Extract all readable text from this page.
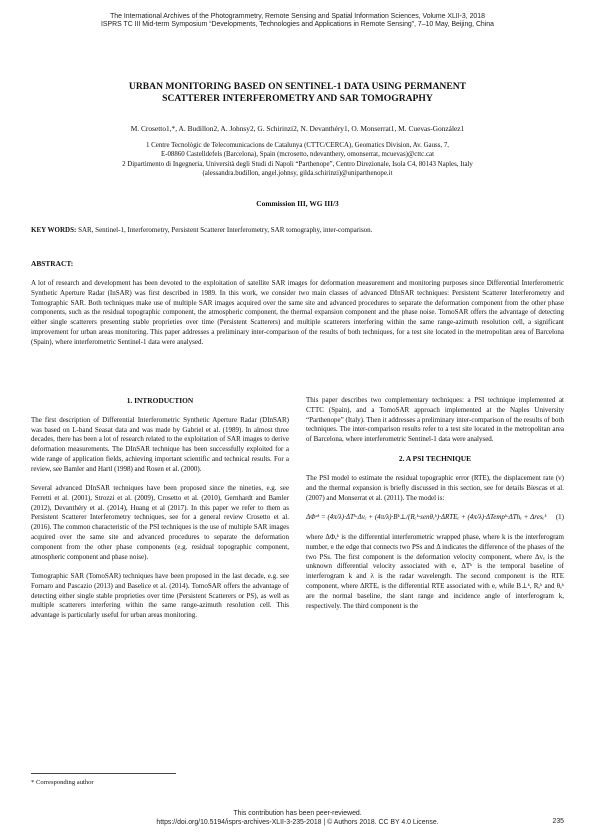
The International Archives of the Photogrammetry, Remote Sensing and Spatial Information Sciences, Volume XLII-3, 2018
ISPRS TC III Mid-term Symposium “Developments, Technologies and Applications in Remote Sensing”, 7–10 May, Beijing, China
URBAN MONITORING BASED ON SENTINEL-1 DATA USING PERMANENT
SCATTERER INTERFEROMETRY AND SAR TOMOGRAPHY
M. Crosetto1,*, A. Budillon2, A. Johnsy2, G. Schirinzi2, N. Devanthéry1, O. Monserrat1, M. Cuevas-González1
1 Centre Tecnològic de Telecomunicacions de Catalunya (CTTC/CERCA), Geomatics Division, Av. Gauss, 7,
E-08860 Castelldefels (Barcelona), Spain (mcrosetto, ndevanthery, omonserrat, mcuevas)@cttc.cat
2 Dipartimento di Ingegneria, Università degli Studi di Napoli “Parthenope”, Centro Direzionale, Isola C4, 80143 Naples, Italy
(alessandra.budillon, angel.johnsy, gilda.schirinzi)@uniparthenope.it
Commission III, WG III/3
KEY WORDS: SAR, Sentinel-1, Interferometry, Persistent Scatterer Interferometry, SAR tomography, inter-comparison.
ABSTRACT:
A lot of research and development has been devoted to the exploitation of satellite SAR images for deformation measurement and monitoring purposes since Differential Interferometric Synthetic Aperture Radar (InSAR) was first described in 1989. In this work, we consider two main classes of advanced DInSAR techniques: Persistent Scatterer Interferometry and Tomographic SAR. Both techniques make use of multiple SAR images acquired over the same site and advanced procedures to separate the deformation component from the other phase components, such as the residual topographic component, the atmospheric component, the thermal expansion component and the phase noise. TomoSAR offers the advantage of detecting either single scatterers presenting stable proprieties over time (Persistent Scatterers) and multiple scatterers interfering within the same range-azimuth resolution cell, a significant improvement for urban areas monitoring. This paper addresses a preliminary inter-comparison of the results of both techniques, for a test site located in the metropolitan area of Barcelona (Spain), where interferometric Sentinel-1 data were analysed.
1. INTRODUCTION

The first description of Differential Interferometric Synthetic Aperture Radar (DInSAR) was based on L-band Seasat data and was made by Gabriel et al. (1989). In almost three decades, there has been a lot of research related to the exploitation of SAR images to derive deformation measurements. The DInSAR technique has been successfully exploited for a wide range of application fields, achieving important scientific and technical results. For a review, see Bamler and Hartl (1998) and Rosen et al. (2000).

Several advanced DInSAR techniques have been proposed since the nineties, e.g. see Ferretti et al. (2001), Strozzi et al. (2009), Crosetto et al. (2010), Gernhardt and Bamler (2012), Devanthéry et al. (2014), Huang et al (2017). In this paper we refer to them as Persistent Scatterer Interferometry techniques, see for a general review Crosetto et al. (2016). The common characteristic of the PSI techniques is the use of multiple SAR images acquired over the same site and advanced procedures to separate the deformation component from the other phase components (e.g. residual topographic component, atmospheric component and phase noise).

Tomographic SAR (TomoSAR) techniques have been proposed in the last decade, e.g. see Fornaro and Pascazio (2013) and Baselice et al. (2014). TomoSAR offers the advantage of detecting either single stable proprieties over time (Persistent Scatterers or PS), as well as multiple scatterers interfering within the same range-azimuth resolution cell. This advantage is particularly useful for urban areas monitoring.

This paper describes two complementary techniques: a PSI technique implemented at CTTC (Spain), and a TomoSAR approach implemented at the Naples University “Parthenope” (Italy). Then it addresses a preliminary inter-comparison of the results of both techniques. The inter-comparison results refer to a test site located in the metropolitan area of Barcelona, where interferometric Sentinel-1 data were analysed.

2. A PSI TECHNIQUE

The PSI model to estimate the residual topographic error (RTE), the displacement rate (v) and the thermal expansion is briefly discussed in this section, see for details Biescas et al. (2007) and Monserrat et al. (2011). The model is:

ΔΦᵉᵏ = (4π/λ)·ΔTᵏ·Δvₑ + (4π/λ)·Bᵏ⊥/(Rₑᵏ·senθₑᵏ)·ΔRTEₑ + (4π/λ)·ΔTempᵏ·ΔThₑ + Δresₑᵏ (1)

where ΔΦₑᵏ is the differential interferometric wrapped phase, where k is the interferogram number, e the edge that connects two PSs and Δ indicates the difference of the phases of the two PSs. The first component is the deformation velocity component, where Δvₑ is the unknown differential velocity associated with e, ΔTᵏ is the temporal baseline of interferogram k and λ is the radar wavelength. The second component is the RTE component, where ΔRTEₑ is the differential RTE associated with e, while B⊥ᵏ, Rₑᵏ and θₑᵏ are the normal baseline, the slant range and incidence angle of interferogram k, respectively. The third component is the

* Corresponding author
This contribution has been peer-reviewed.
https://doi.org/10.5194/isprs-archives-XLII-3-235-2018 | © Authors 2018. CC BY 4.0 License.	235
